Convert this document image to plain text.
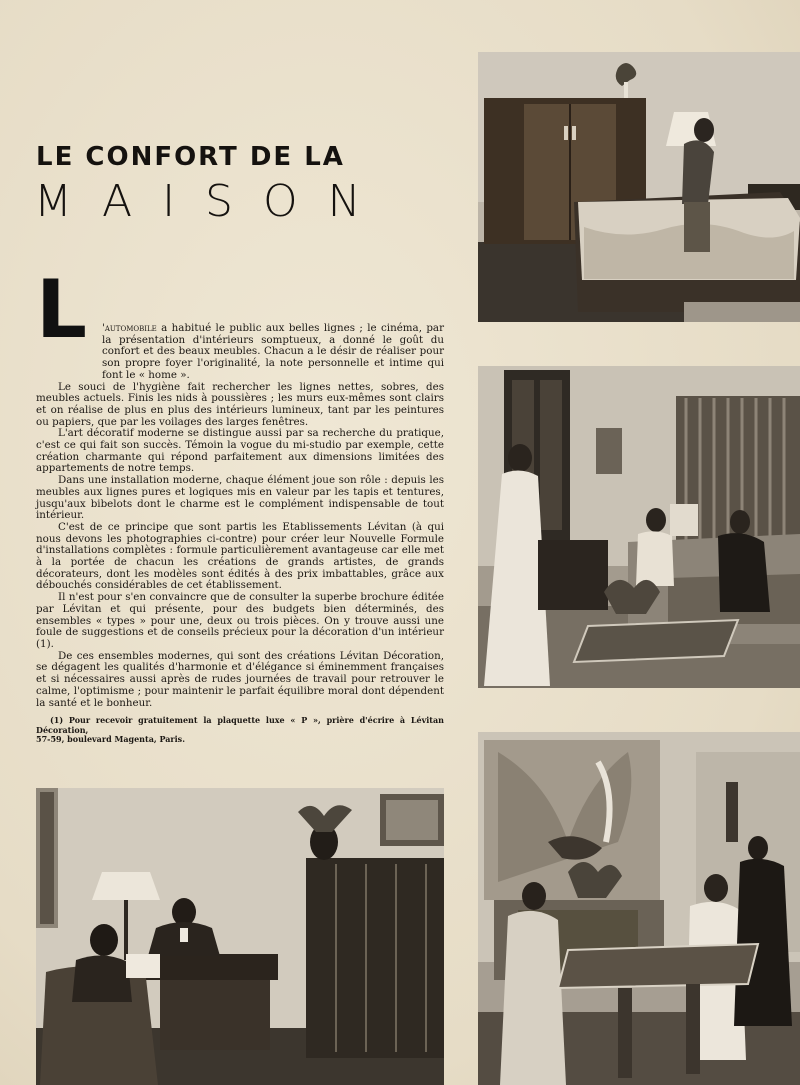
LE CONFORT DE LA
MAISON
L	'automobile a habitué le public aux belles lignes ; le cinéma, par la présentation d'intérieurs somptueux, a donné le goût du confort et des beaux meubles. Chacun a le désir de réaliser pour son propre foyer l'originalité, la note personnelle et intime qui font le « home ».

Le souci de l'hygiène fait rechercher les lignes nettes, sobres, des meubles actuels. Finis les nids à poussières ; les murs eux-mêmes sont clairs et on réalise de plus en plus des intérieurs lumineux, tant par les peintures ou papiers, que par les voilages des larges fenêtres.

L'art décoratif moderne se distingue aussi par sa recherche du pratique, c'est ce qui fait son succès. Témoin la vogue du mi-studio par exemple, cette création charmante qui répond parfaitement aux dimensions limitées des appartements de notre temps.

Dans une installation moderne, chaque élément joue son rôle : depuis les meubles aux lignes pures et logiques mis en valeur par les tapis et tentures, jusqu'aux bibelots dont le charme est le complément indispensable de tout intérieur.

C'est de ce principe que sont partis les Etablissements Lévitan (à qui nous devons les photographies ci-contre) pour créer leur Nouvelle Formule d'installations complètes : formule particulièrement avantageuse car elle met à la portée de chacun les créations de grands artistes, de grands décorateurs, dont les modèles sont édités à des prix imbattables, grâce aux débouchés considérables de cet établissement.

Il n'est pour s'en convaincre que de consulter la superbe brochure éditée par Lévitan et qui présente, pour des budgets bien déterminés, des ensembles « types » pour une, deux ou trois pièces. On y trouve aussi une foule de suggestions et de conseils précieux pour la décoration d'un intérieur (1).

De ces ensembles modernes, qui sont des créations Lévitan Décoration, se dégagent les qualités d'harmonie et d'élégance si éminemment françaises et si nécessaires aussi après de rudes journées de travail pour retrouver le calme, l'optimisme ; pour maintenir le parfait équilibre moral dont dépendent la santé et le bonheur.

(1) Pour recevoir gratuitement la plaquette luxe « P », prière d'écrire à Lévitan Décoration,
57-59, boulevard Magenta, Paris.
